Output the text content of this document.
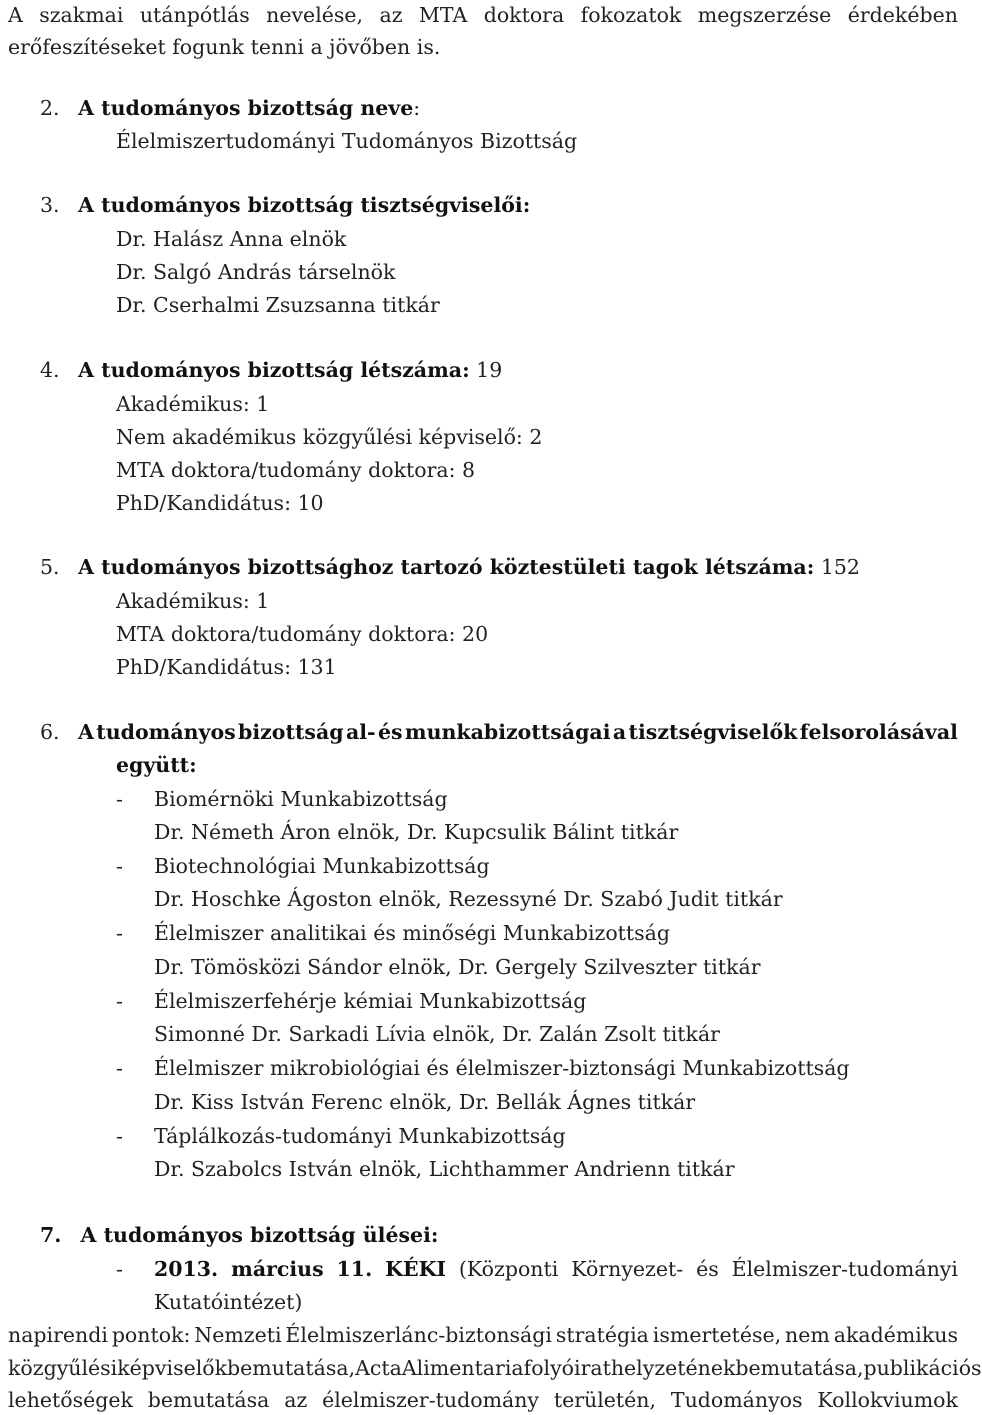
A szakmai utánpótlás nevelése, az MTA doktora fokozatok megszerzése érdekében
erőfeszítéseket fogunk tenni a jövőben is.
2. A tudományos bizottság neve:
Élelmiszertudományi Tudományos Bizottság
3. A tudományos bizottság tisztségviselői:
Dr. Halász Anna elnök
Dr. Salgó András társelnök
Dr. Cserhalmi Zsuzsanna titkár
4. A tudományos bizottság létszáma: 19
Akadémikus: 1
Nem akadémikus közgyűlési képviselő: 2
MTA doktora/tudomány doktora: 8
PhD/Kandidátus: 10
5. A tudományos bizottsághoz tartozó köztestületi tagok létszáma: 152
Akadémikus: 1
MTA doktora/tudomány doktora: 20
PhD/Kandidátus: 131
6. A tudományos bizottság al- és munkabizottságai a tisztségviselők felsorolásával
együtt:
- Biomérnöki Munkabizottság
Dr. Németh Áron elnök, Dr. Kupcsulik Bálint titkár
- Biotechnológiai Munkabizottság
Dr. Hoschke Ágoston elnök, Rezessyné Dr. Szabó Judit titkár
- Élelmiszer analitikai és minőségi Munkabizottság
Dr. Tömösközi Sándor elnök, Dr. Gergely Szilveszter titkár
- Élelmiszerfehérje kémiai Munkabizottság
Simonné Dr. Sarkadi Lívia elnök, Dr. Zalán Zsolt titkár
- Élelmiszer mikrobiológiai és élelmiszer-biztonsági Munkabizottság
Dr. Kiss István Ferenc elnök, Dr. Bellák Ágnes titkár
- Táplálkozás-tudományi Munkabizottság
Dr. Szabolcs István elnök, Lichthammer Andrienn titkár
7. A tudományos bizottság ülései:
- 2013. március 11. KÉKI (Központi Környezet- és Élelmiszer-tudományi
Kutatóintézet)
napirendi pontok: Nemzeti Élelmiszerlánc-biztonsági stratégia ismertetése, nem akadémikus
közgyűlési képviselők bemutatása, Acta Alimentaria folyóirat helyzetének bemutatása, publikációs
lehetőségek bemutatása az élelmiszer-tudomány területén, Tudományos Kollokviumok
